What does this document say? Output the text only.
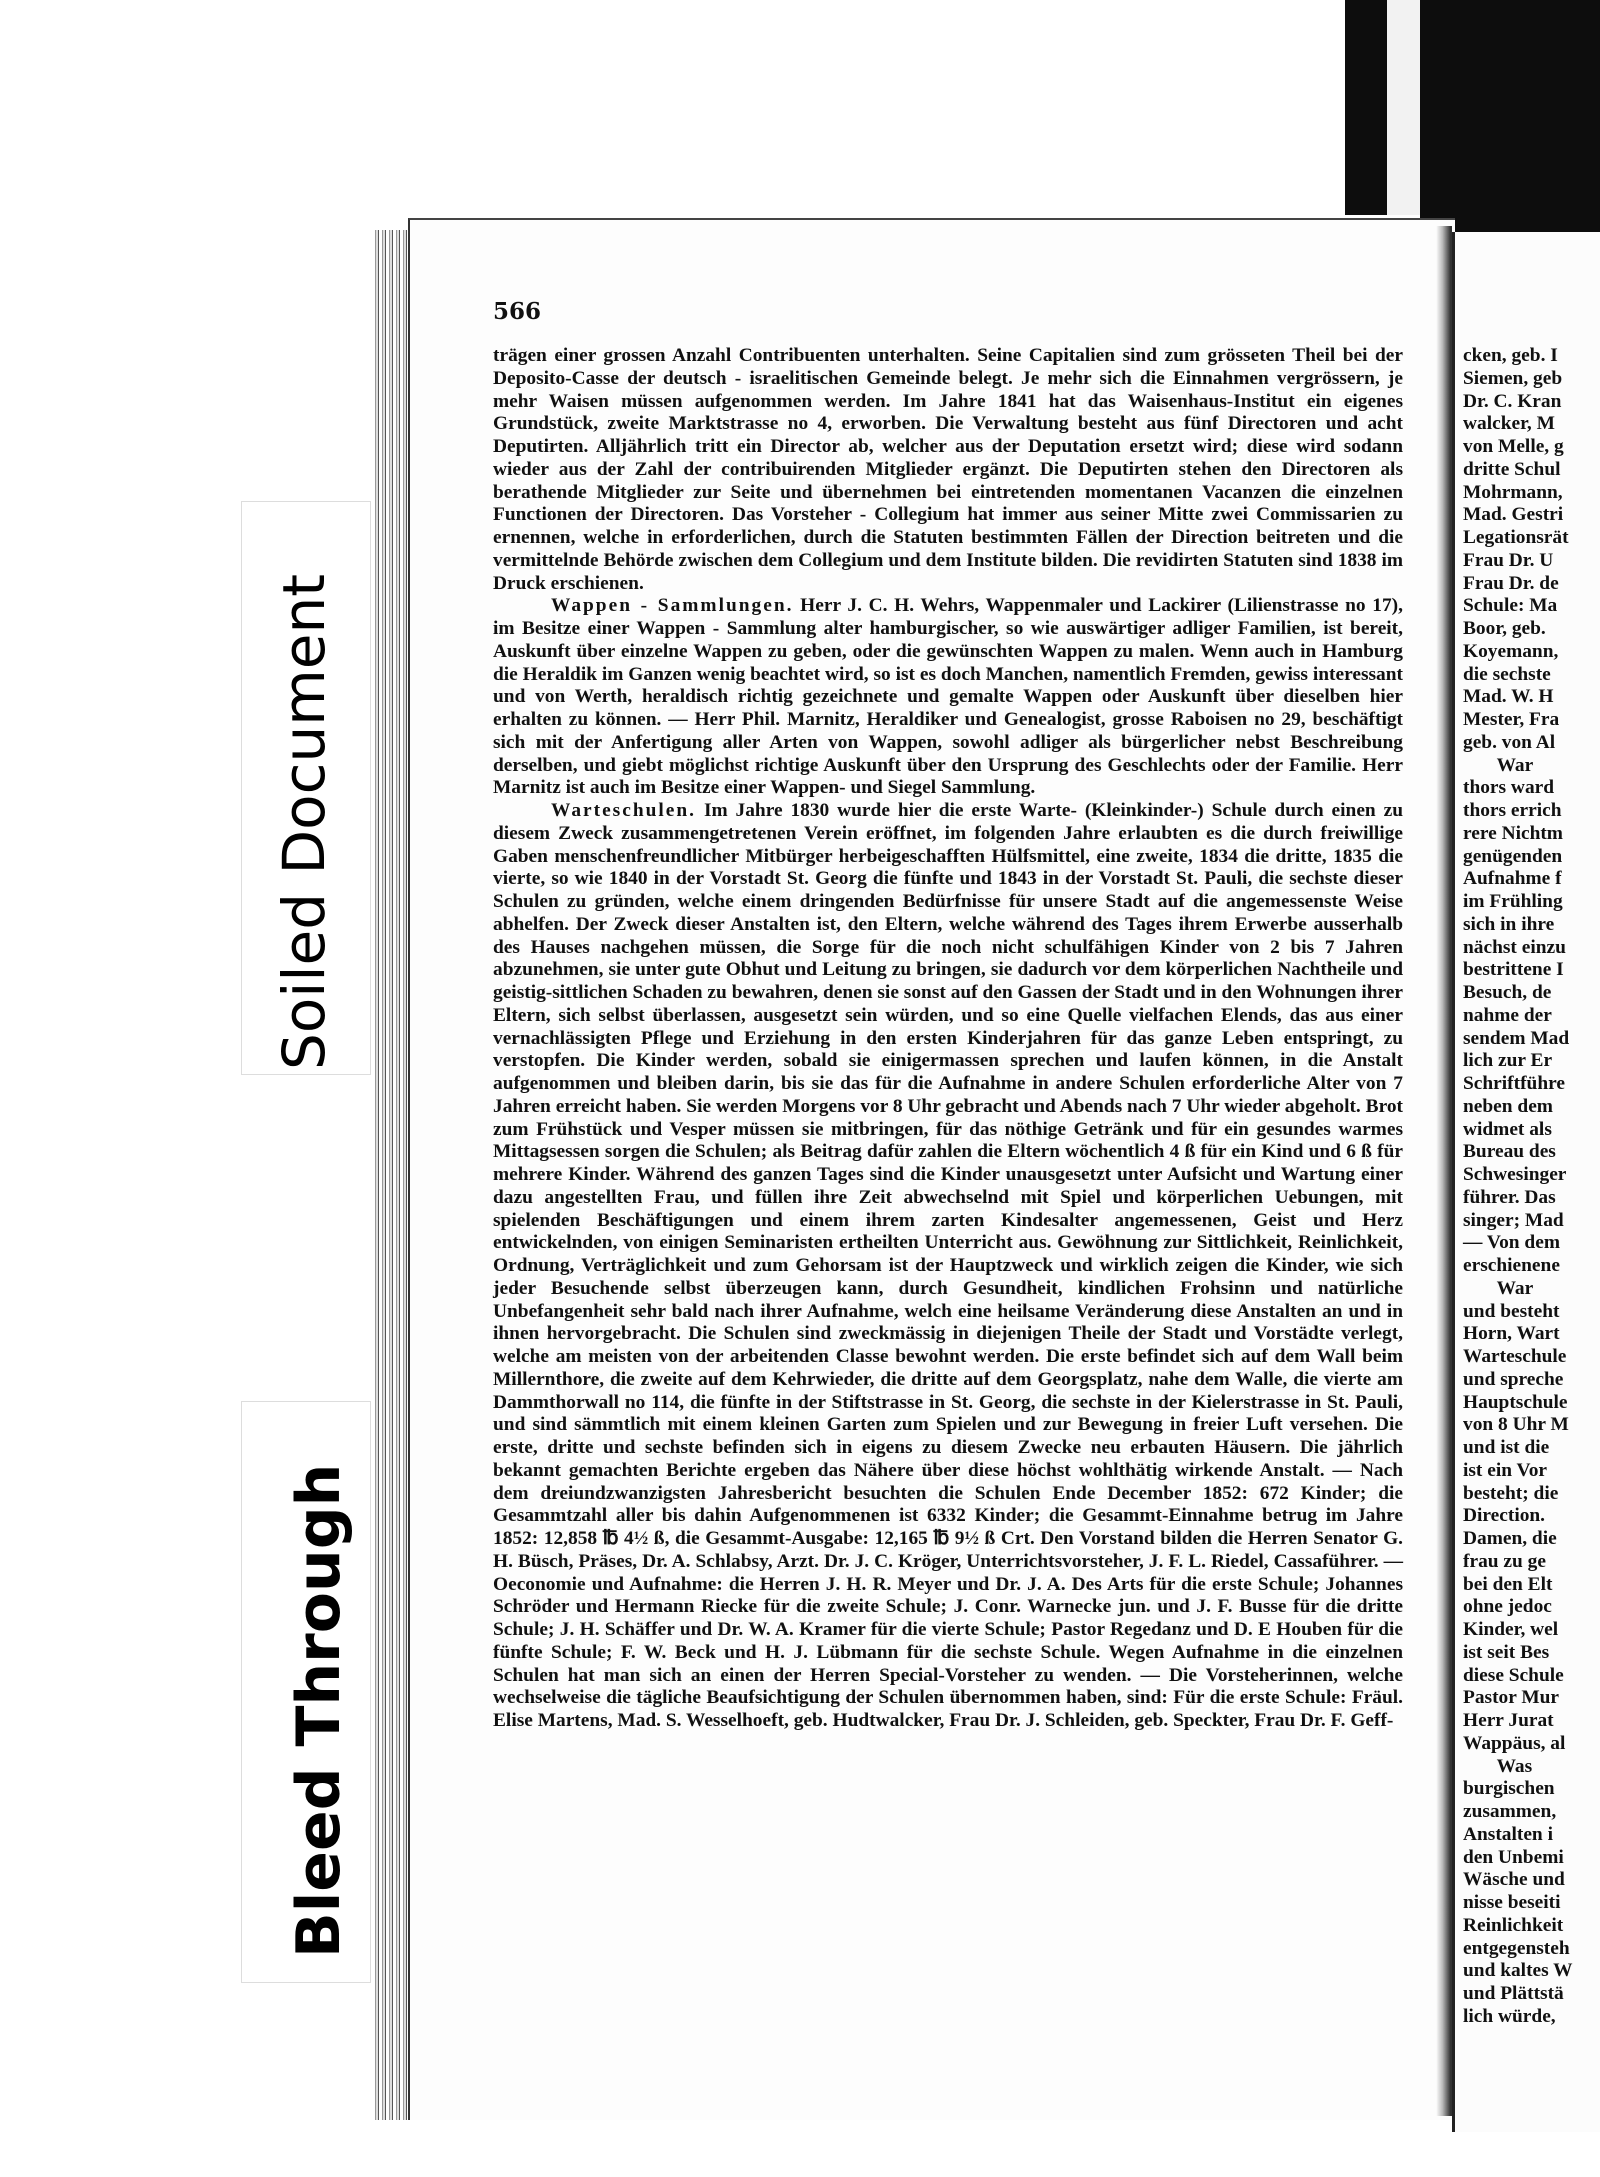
566

trägen einer grossen Anzahl Contribuenten unterhalten. Seine Capitalien sind zum grösseten Theil bei der Deposito-Casse der deutsch - israelitischen Gemeinde belegt. Je mehr sich die Einnahmen vergrössern, je mehr Waisen müssen aufgenommen werden. Im Jahre 1841 hat das Waisenhaus-Institut ein eigenes Grundstück, zweite Marktstrasse no 4, erworben. Die Verwaltung besteht aus fünf Directoren und acht Deputirten. Alljährlich tritt ein Director ab, welcher aus der Deputation ersetzt wird; diese wird sodann wieder aus der Zahl der contribuirenden Mitglieder ergänzt. Die Deputirten stehen den Directoren als berathende Mitglieder zur Seite und übernehmen bei eintretenden momentanen Vacanzen die einzelnen Functionen der Directoren. Das Vorsteher - Collegium hat immer aus seiner Mitte zwei Commissarien zu ernennen, welche in erforderlichen, durch die Statuten bestimmten Fällen der Direction beitreten und die vermittelnde Behörde zwischen dem Collegium und dem Institute bilden. Die revidirten Statuten sind 1838 im Druck erschienen.

Wappen - Sammlungen. Herr J. C. H. Wehrs, Wappenmaler und Lackirer (Lilienstrasse no 17), im Besitze einer Wappen - Sammlung alter hamburgischer, so wie auswärtiger adliger Familien, ist bereit, Auskunft über einzelne Wappen zu geben, oder die gewünschten Wappen zu malen. Wenn auch in Hamburg die Heraldik im Ganzen wenig beachtet wird, so ist es doch Manchen, namentlich Fremden, gewiss interessant und von Werth, heraldisch richtig gezeichnete und gemalte Wappen oder Auskunft über dieselben hier erhalten zu können. — Herr Phil. Marnitz, Heraldiker und Genealogist, grosse Raboisen no 29, beschäftigt sich mit der Anfertigung aller Arten von Wappen, sowohl adliger als bürgerlicher nebst Beschreibung derselben, und giebt möglichst richtige Auskunft über den Ursprung des Geschlechts oder der Familie. Herr Marnitz ist auch im Besitze einer Wappen- und Siegel Sammlung.

Warteschulen. Im Jahre 1830 wurde hier die erste Warte- (Kleinkinder-) Schule durch einen zu diesem Zweck zusammengetretenen Verein eröffnet, im folgenden Jahre erlaubten es die durch freiwillige Gaben menschenfreundlicher Mitbürger herbeigeschafften Hülfsmittel, eine zweite, 1834 die dritte, 1835 die vierte, so wie 1840 in der Vorstadt St. Georg die fünfte und 1843 in der Vorstadt St. Pauli, die sechste dieser Schulen zu gründen, welche einem dringenden Bedürfnisse für unsere Stadt auf die angemessenste Weise abhelfen. Der Zweck dieser Anstalten ist, den Eltern, welche während des Tages ihrem Erwerbe ausserhalb des Hauses nachgehen müssen, die Sorge für die noch nicht schulfähigen Kinder von 2 bis 7 Jahren abzunehmen, sie unter gute Obhut und Leitung zu bringen, sie dadurch vor dem körperlichen Nachtheile und geistig-sittlichen Schaden zu bewahren, denen sie sonst auf den Gassen der Stadt und in den Wohnungen ihrer Eltern, sich selbst überlassen, ausgesetzt sein würden, und so eine Quelle vielfachen Elends, das aus einer vernachlässigten Pflege und Erziehung in den ersten Kinderjahren für das ganze Leben entspringt, zu verstopfen. Die Kinder werden, sobald sie einigermassen sprechen und laufen können, in die Anstalt aufgenommen und bleiben darin, bis sie das für die Aufnahme in andere Schulen erforderliche Alter von 7 Jahren erreicht haben. Sie werden Morgens vor 8 Uhr gebracht und Abends nach 7 Uhr wieder abgeholt. Brot zum Frühstück und Vesper müssen sie mitbringen, für das nöthige Getränk und für ein gesundes warmes Mittagsessen sorgen die Schulen; als Beitrag dafür zahlen die Eltern wöchentlich 4 ß für ein Kind und 6 ß für mehrere Kinder. Während des ganzen Tages sind die Kinder unausgesetzt unter Aufsicht und Wartung einer dazu angestellten Frau, und füllen ihre Zeit abwechselnd mit Spiel und körperlichen Uebungen, mit spielenden Beschäftigungen und einem ihrem zarten Kindesalter angemessenen, Geist und Herz entwickelnden, von einigen Seminaristen ertheilten Unterricht aus. Gewöhnung zur Sittlichkeit, Reinlichkeit, Ordnung, Verträglichkeit und zum Gehorsam ist der Hauptzweck und wirklich zeigen die Kinder, wie sich jeder Besuchende selbst überzeugen kann, durch Gesundheit, kindlichen Frohsinn und natürliche Unbefangenheit sehr bald nach ihrer Aufnahme, welch eine heilsame Veränderung diese Anstalten an und in ihnen hervorgebracht. Die Schulen sind zweckmässig in diejenigen Theile der Stadt und Vorstädte verlegt, welche am meisten von der arbeitenden Classe bewohnt werden. Die erste befindet sich auf dem Wall beim Millernthore, die zweite auf dem Kehrwieder, die dritte auf dem Georgsplatz, nahe dem Walle, die vierte am Dammthorwall no 114, die fünfte in der Stiftstrasse in St. Georg, die sechste in der Kielerstrasse in St. Pauli, und sind sämmtlich mit einem kleinen Garten zum Spielen und zur Bewegung in freier Luft versehen. Die erste, dritte und sechste befinden sich in eigens zu diesem Zwecke neu erbauten Häusern. Die jährlich bekannt gemachten Berichte ergeben das Nähere über diese höchst wohlthätig wirkende Anstalt. — Nach dem dreiundzwanzigsten Jahresbericht besuchten die Schulen Ende December 1852: 672 Kinder; die Gesammtzahl aller bis dahin Aufgenommenen ist 6332 Kinder; die Gesammt-Einnahme betrug im Jahre 1852: 12,858 ℔ 4½ ß, die Gesammt-Ausgabe: 12,165 ℔ 9½ ß Crt. Den Vorstand bilden die Herren Senator G. H. Büsch, Präses, Dr. A. Schlabsy, Arzt. Dr. J. C. Kröger, Unterrichtsvorsteher, J. F. L. Riedel, Cassaführer. — Oeconomie und Aufnahme: die Herren J. H. R. Meyer und Dr. J. A. Des Arts für die erste Schule; Johannes Schröder und Hermann Riecke für die zweite Schule; J. Conr. Warnecke jun. und J. F. Busse für die dritte Schule; J. H. Schäffer und Dr. W. A. Kramer für die vierte Schule; Pastor Regedanz und D. E Houben für die fünfte Schule; F. W. Beck und H. J. Lübmann für die sechste Schule. Wegen Aufnahme in die einzelnen Schulen hat man sich an einen der Herren Special-Vorsteher zu wenden. — Die Vorsteherinnen, welche wechselweise die tägliche Beaufsichtigung der Schulen übernommen haben, sind: Für die erste Schule: Fräul. Elise Martens, Mad. S. Wesselhoeft, geb. Hudtwalcker, Frau Dr. J. Schleiden, geb. Speckter, Frau Dr. F. Geff-

cken, geb. I
Siemen, geb
Dr. C. Kran
walcker, M
von Melle, g
dritte Schul
Mohrmann,
Mad. Gestri
Legationsrät
Frau Dr. U
Frau Dr. de
Schule: Ma
Boor, geb.
Koyemann,
die sechste
Mad. W. H
Mester, Fra
geb. von Al
War
thors ward
thors errich
rere Nichtm
genügenden
Aufnahme f
im Frühling
sich in ihre
nächst einzu
bestrittene I
Besuch, de
nahme der
sendem Mad
lich zur Er
Schriftführe
neben dem
widmet als
Bureau des
Schwesinger
führer. Das
singer; Mad
— Von dem
erschienene
War
und besteht
Horn, Wart
Warteschule
und spreche
Hauptschule
von 8 Uhr M
und ist die
ist ein Vor
besteht; die
Direction.
Damen, die
frau zu ge
bei den Elt
ohne jedoc
Kinder, wel
ist seit Bes
diese Schule
Pastor Mur
Herr Jurat
Wappäus, al
Was
burgischen
zusammen,
Anstalten i
den Unbemi
Wäsche und
nisse beseiti
Reinlichkeit
entgegensteh
und kaltes W
und Plättstä
lich würde,
Soiled Document
Bleed Through
